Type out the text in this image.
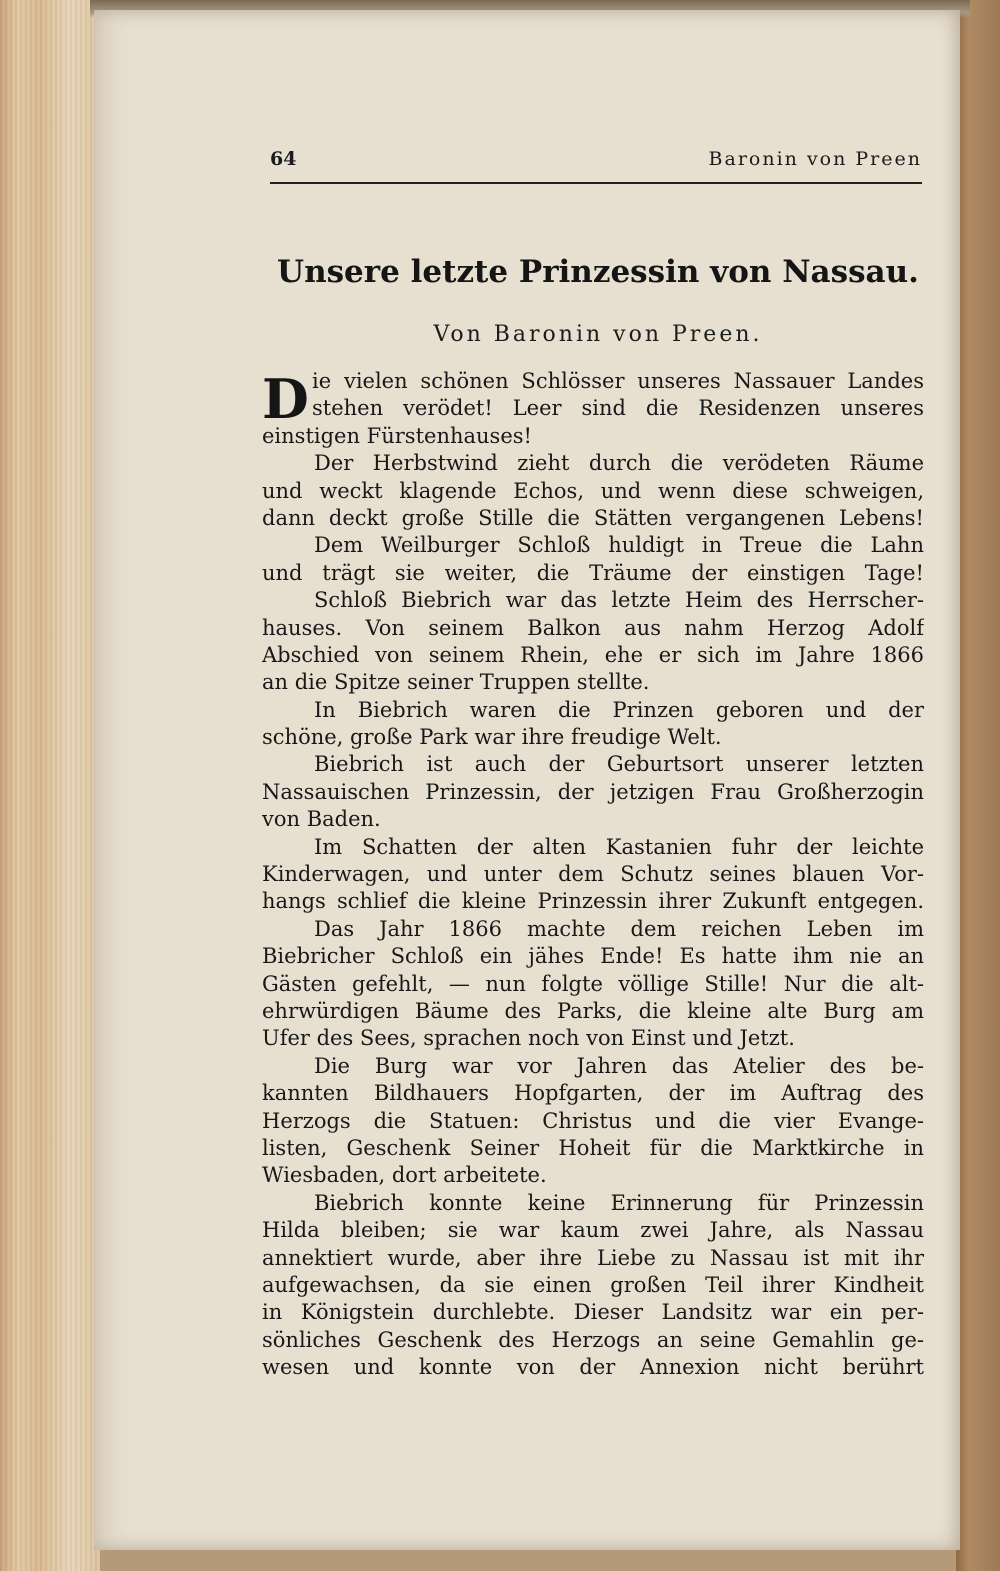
64	Baronin von Preen
Unsere letzte Prinzessin von Nassau.
Von Baronin von Preen.
D ie vielen schönen Schlösser unseres Nassauer Landes
stehen verödet! Leer sind die Residenzen unseres
einstigen Fürstenhauses!
Der Herbstwind zieht durch die verödeten Räume
und weckt klagende Echos, und wenn diese schweigen,
dann deckt große Stille die Stätten vergangenen Lebens!
Dem Weilburger Schloß huldigt in Treue die Lahn
und trägt sie weiter, die Träume der einstigen Tage!
Schloß Biebrich war das letzte Heim des Herrscher-
hauses. Von seinem Balkon aus nahm Herzog Adolf
Abschied von seinem Rhein, ehe er sich im Jahre 1866
an die Spitze seiner Truppen stellte.
In Biebrich waren die Prinzen geboren und der
schöne, große Park war ihre freudige Welt.
Biebrich ist auch der Geburtsort unserer letzten
Nassauischen Prinzessin, der jetzigen Frau Großherzogin
von Baden.
Im Schatten der alten Kastanien fuhr der leichte
Kinderwagen, und unter dem Schutz seines blauen Vor-
hangs schlief die kleine Prinzessin ihrer Zukunft entgegen.
Das Jahr 1866 machte dem reichen Leben im
Biebricher Schloß ein jähes Ende! Es hatte ihm nie an
Gästen gefehlt, — nun folgte völlige Stille! Nur die alt-
ehrwürdigen Bäume des Parks, die kleine alte Burg am
Ufer des Sees, sprachen noch von Einst und Jetzt.
Die Burg war vor Jahren das Atelier des be-
kannten Bildhauers Hopfgarten, der im Auftrag des
Herzogs die Statuen: Christus und die vier Evange-
listen, Geschenk Seiner Hoheit für die Marktkirche in
Wiesbaden, dort arbeitete.
Biebrich konnte keine Erinnerung für Prinzessin
Hilda bleiben; sie war kaum zwei Jahre, als Nassau
annektiert wurde, aber ihre Liebe zu Nassau ist mit ihr
aufgewachsen, da sie einen großen Teil ihrer Kindheit
in Königstein durchlebte. Dieser Landsitz war ein per-
sönliches Geschenk des Herzogs an seine Gemahlin ge-
wesen und konnte von der Annexion nicht berührt
